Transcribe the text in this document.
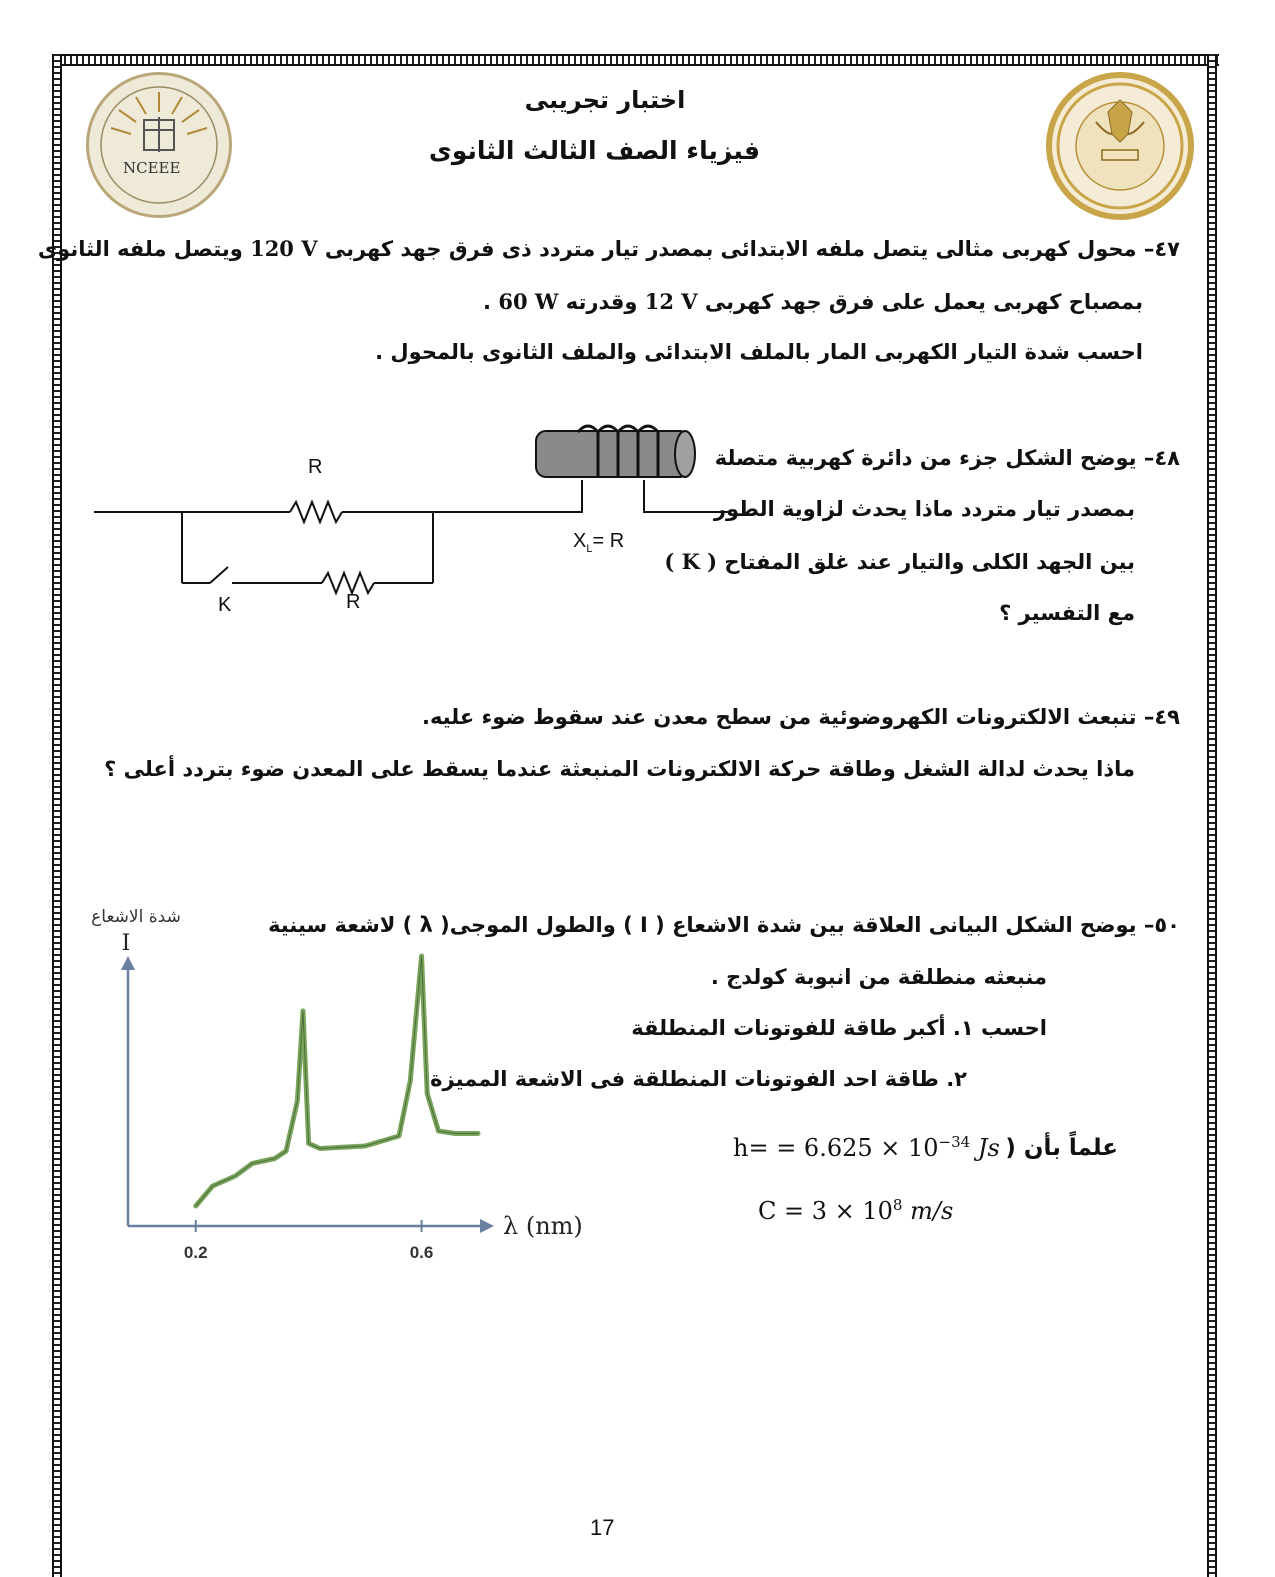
NCEEE
اختبار تجريبى
فيزياء الصف الثالث الثانوى
٤٧– محول كهربى مثالى يتصل ملفه الابتدائى بمصدر تيار متردد ذى فرق جهد كهربى 120 V ويتصل ملفه الثانوى
بمصباح كهربى يعمل على فرق جهد كهربى 12 V وقدرته 60 W .
احسب شدة التيار الكهربى المار بالملف الابتدائى والملف الثانوى بالمحول .
٤٨– يوضح الشكل جزء من دائرة كهربية متصلة
بمصدر تيار متردد ماذا يحدث لزاوية الطور
بين الجهد الكلى والتيار عند غلق المفتاح ( K )
مع التفسير ؟
R
R
K
$X_L= R$
٤٩– تنبعث الالكترونات الكهروضوئية من سطح معدن عند سقوط ضوء عليه.
ماذا يحدث لدالة الشغل وطاقة حركة الالكترونات المنبعثة عندما يسقط على المعدن ضوء بتردد أعلى ؟
٥٠– يوضح الشكل البيانى العلاقة بين شدة الاشعاع ( I ) والطول الموجى( λ ) لاشعة سينية
منبعثه منطلقة من انبوبة كولدج .
احسب ١. أكبر طاقة للفوتونات المنطلقة
٢. طاقة احد الفوتونات المنطلقة فى الاشعة المميزة
علماً بأن (
$h= = 6.625 \times 10^{-34}$ Js
$C = 3 \times 10^8$ m/s
0.2	0.6
I
شدة الاشعاع
λ (nm)
17
